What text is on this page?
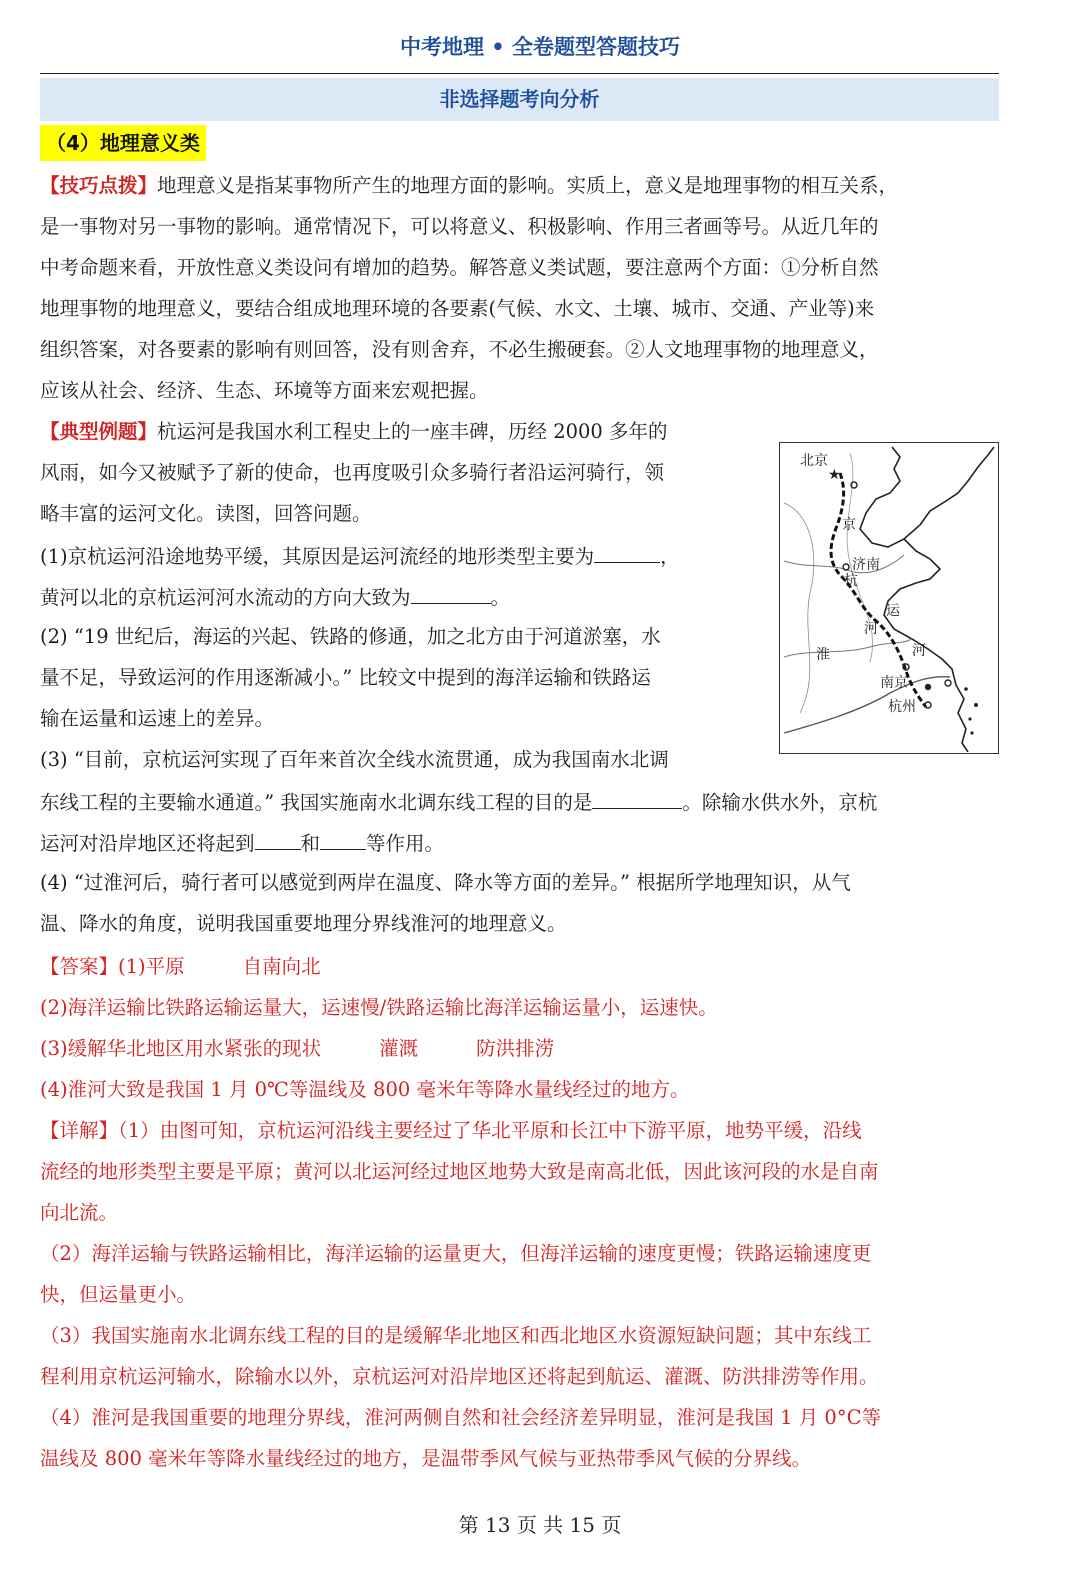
中考地理 • 全卷题型答题技巧
非选择题考向分析
（4）地理意义类
【技巧点拨】地理意义是指某事物所产生的地理方面的影响。实质上，意义是地理事物的相互关系，
是一事物对另一事物的影响。通常情况下，可以将意义、积极影响、作用三者画等号。从近几年的
中考命题来看，开放性意义类设问有增加的趋势。解答意义类试题，要注意两个方面：①分析自然
地理事物的地理意义，要结合组成地理环境的各要素(气候、水文、土壤、城市、交通、产业等)来
组织答案，对各要素的影响有则回答，没有则舍弃，不必生搬硬套。②人文地理事物的地理意义，
应该从社会、经济、生态、环境等方面来宏观把握。
【典型例题】杭运河是我国水利工程史上的一座丰碑，历经 2000 多年的
风雨，如今又被赋予了新的使命，也再度吸引众多骑行者沿运河骑行，领
略丰富的运河文化。读图，回答问题。
(1)京杭运河沿途地势平缓，其原因是运河流经的地形类型主要为	，
黄河以北的京杭运河河水流动的方向大致为	。
(2) “19 世纪后，海运的兴起、铁路的修通，加之北方由于河道淤塞，水
量不足，导致运河的作用逐渐减小。” 比较文中提到的海洋运输和铁路运
输在运量和运速上的差异。
(3) “目前，京杭运河实现了百年来首次全线水流贯通，成为我国南水北调
东线工程的主要输水通道。” 我国实施南水北调东线工程的目的是	。除输水供水外，京杭
运河对沿岸地区还将起到 和 等作用。
(4) “过淮河后，骑行者可以感觉到两岸在温度、降水等方面的差异。” 根据所学地理知识，从气
温、降水的角度，说明我国重要地理分界线淮河的地理意义。
★
北京
京
济南
杭
运
河
淮	河
南京
杭州
【答案】(1)平原	自南向北
(2)海洋运输比铁路运输运量大，运速慢/铁路运输比海洋运输运量小，运速快。
(3)缓解华北地区用水紧张的现状	灌溉	防洪排涝
(4)淮河大致是我国 1 月 0℃等温线及 800 毫米年等降水量线经过的地方。
【详解】（1）由图可知，京杭运河沿线主要经过了华北平原和长江中下游平原，地势平缓，沿线
流经的地形类型主要是平原；黄河以北运河经过地区地势大致是南高北低，因此该河段的水是自南
向北流。
（2）海洋运输与铁路运输相比，海洋运输的运量更大，但海洋运输的速度更慢；铁路运输速度更
快，但运量更小。
（3）我国实施南水北调东线工程的目的是缓解华北地区和西北地区水资源短缺问题；其中东线工
程利用京杭运河输水，除输水以外，京杭运河对沿岸地区还将起到航运、灌溉、防洪排涝等作用。
（4）淮河是我国重要的地理分界线，淮河两侧自然和社会经济差异明显，淮河是我国 1 月 0°C等
温线及 800 毫米年等降水量线经过的地方，是温带季风气候与亚热带季风气候的分界线。
第 13 页 共 15 页
